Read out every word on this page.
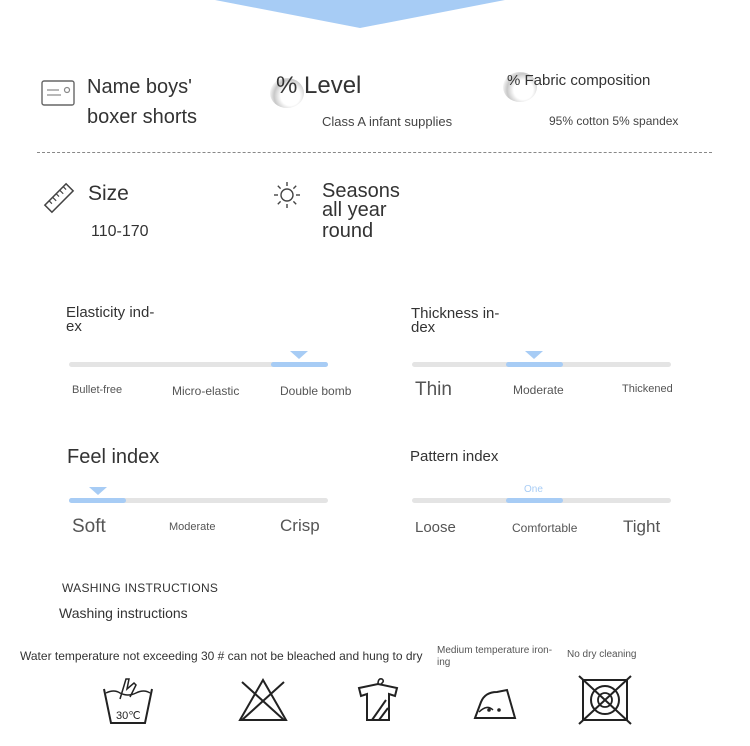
Name boys'
boxer shorts
% Level
Class A infant supplies
% Fabric composition
95% cotton 5% spandex
Size
110-170
Seasons
all year
round
Elasticity ind-
ex
Bullet-free	Micro-elastic	Double bomb
Thickness in-
dex
Thin	Moderate	Thickened
Feel index
Soft	Moderate	Crisp
Pattern index
One
Loose	Comfortable	Tight
WASHING INSTRUCTIONS
Washing instructions
Water temperature not exceeding 30 # can not be bleached and hung to dry Medium temperature iron-
ing
No dry cleaning
30℃
